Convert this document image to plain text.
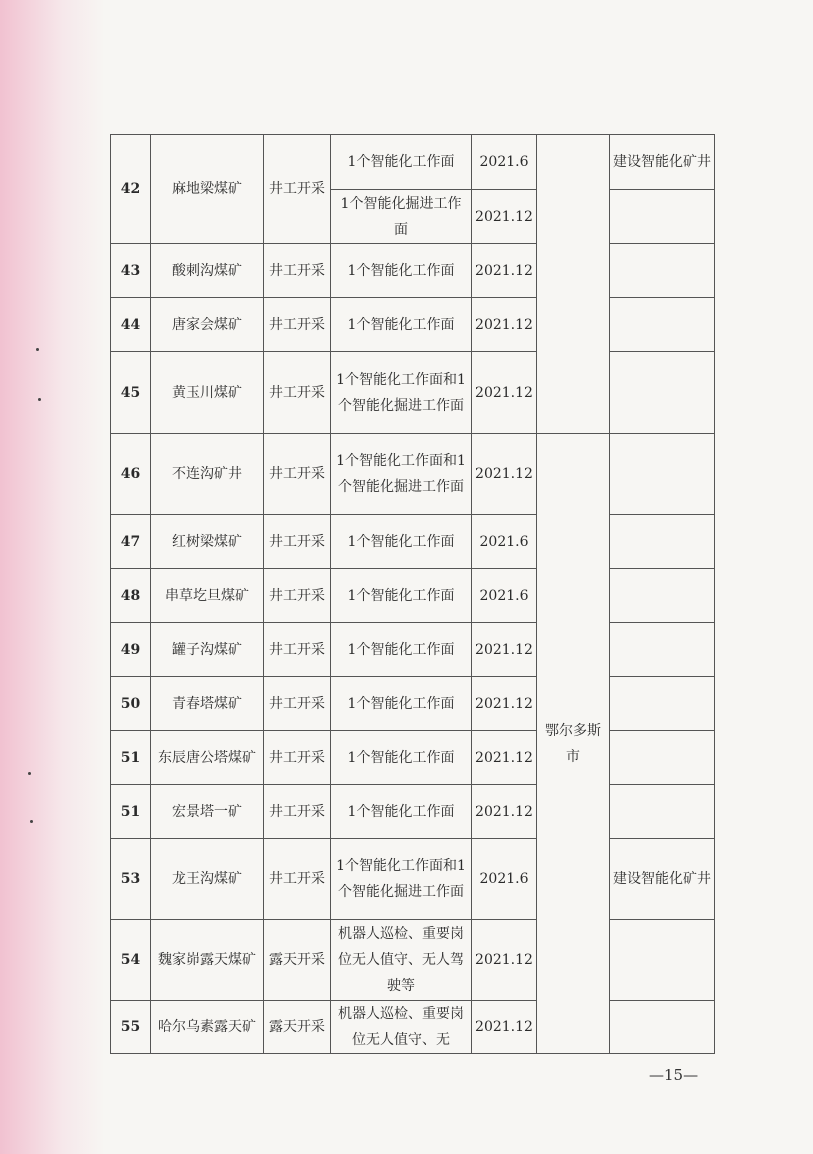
42	麻地梁煤矿	井工开采	1个智能化工作面	2021.6		建设智能化矿井
			1个智能化掘进工作面	2021.12		
43	酸刺沟煤矿	井工开采	1个智能化工作面	2021.12		
44	唐家会煤矿	井工开采	1个智能化工作面	2021.12		
45	黄玉川煤矿	井工开采	1个智能化工作面和1个智能化掘进工作面	2021.12		
46	不连沟矿井	井工开采	1个智能化工作面和1个智能化掘进工作面	2021.12	鄂尔多斯市	
47	红树梁煤矿	井工开采	1个智能化工作面	2021.6		
48	串草圪旦煤矿	井工开采	1个智能化工作面	2021.6		
49	罐子沟煤矿	井工开采	1个智能化工作面	2021.12		
50	青春塔煤矿	井工开采	1个智能化工作面	2021.12		
51	东辰唐公塔煤矿	井工开采	1个智能化工作面	2021.12		
51	宏景塔一矿	井工开采	1个智能化工作面	2021.12		
53	龙王沟煤矿	井工开采	1个智能化工作面和1个智能化掘进工作面	2021.6		建设智能化矿井
54	魏家峁露天煤矿	露天开采	机器人巡检、重要岗位无人值守、无人驾驶等	2021.12		
55	哈尔乌素露天矿	露天开采	机器人巡检、重要岗位无人值守、无	2021.12		
—15—
